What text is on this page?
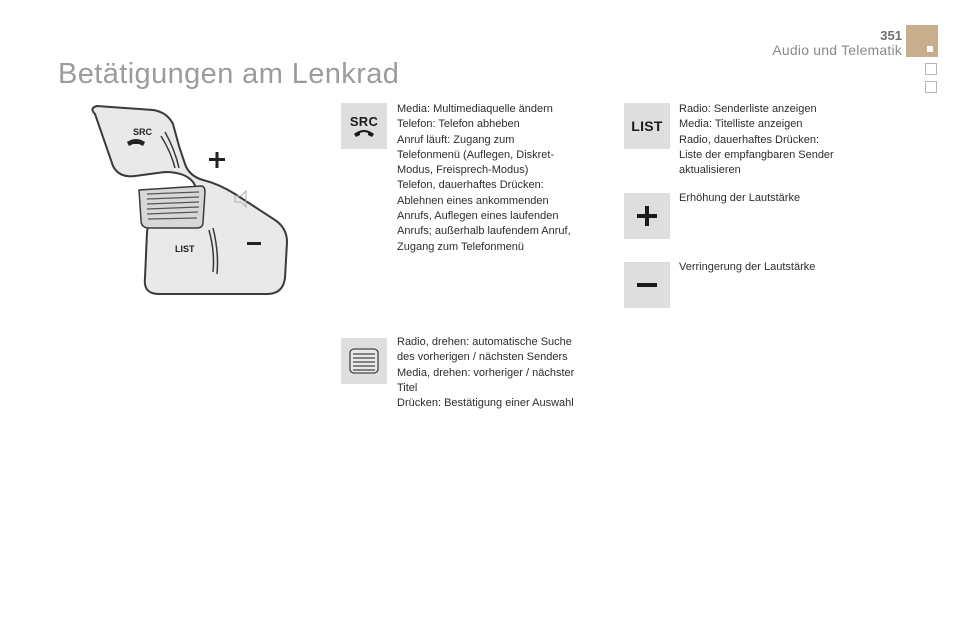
351
Audio und Telematik
Betätigungen am Lenkrad
SRC
LIST
SRC

Media: Multimediaquelle ändern

Telefon: Telefon abheben

Anruf läuft: Zugang zum

Telefonmenü (Auflegen, Diskret-

Modus, Freisprech-Modus)

Telefon, dauerhaftes Drücken:

Ablehnen eines ankommenden

Anrufs, Auflegen eines laufenden

Anrufs; außerhalb laufendem Anruf,

Zugang zum Telefonmenü

Radio, drehen: automatische Suche

des vorherigen / nächsten Senders

Media, drehen: vorheriger / nächster

Titel

Drücken: Bestätigung einer Auswahl

LIST

Radio: Senderliste anzeigen

Media: Titelliste anzeigen

Radio, dauerhaftes Drücken:

Liste der empfangbaren Sender

aktualisieren

Erhöhung der Lautstärke

Verringerung der Lautstärke
